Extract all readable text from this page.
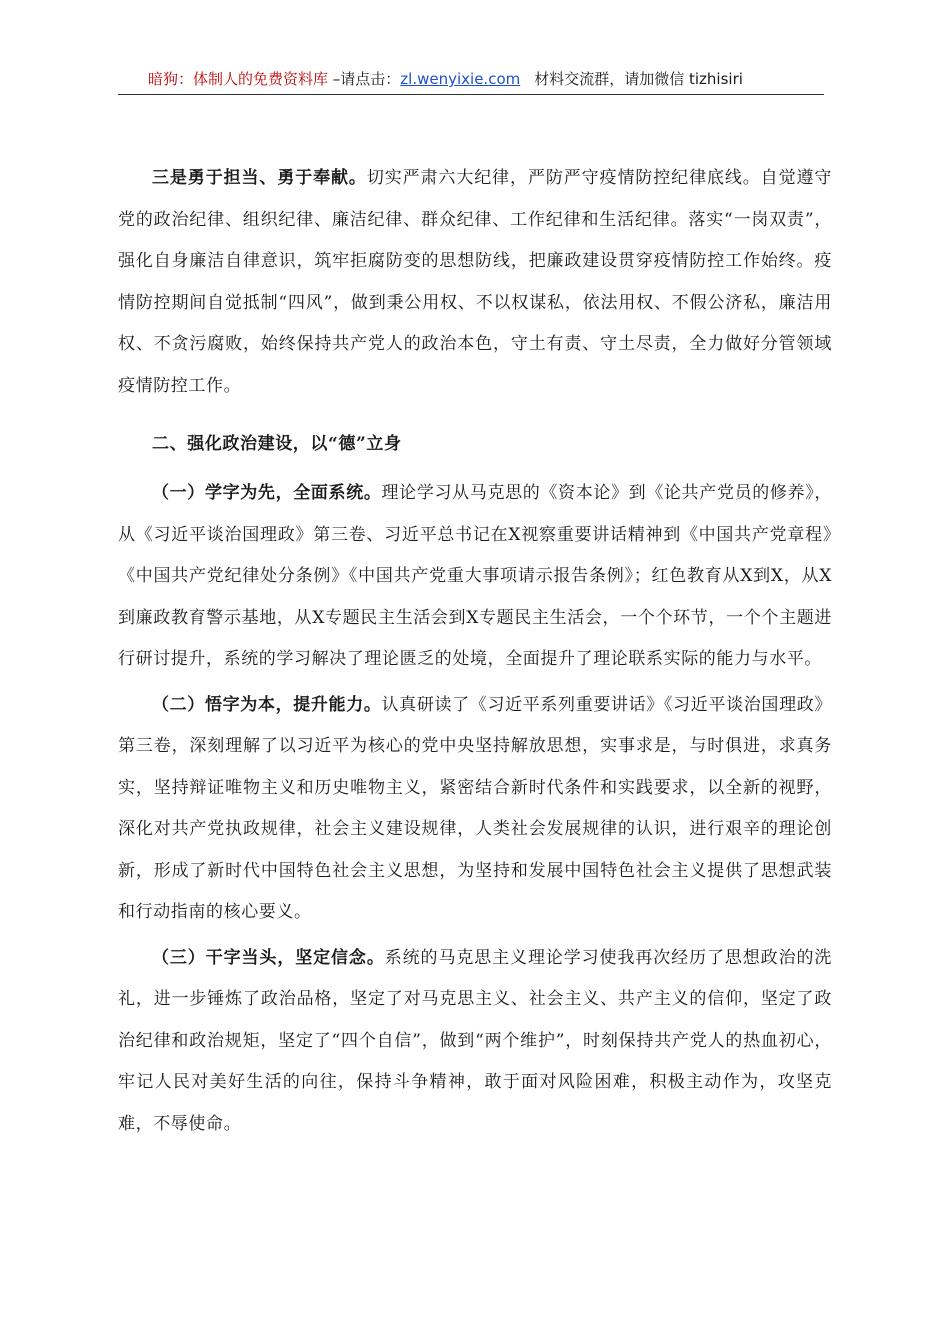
暗狗：体制人的免费资料库 –请点击：zl.wenyixie.com 材料交流群，请加微信 tizhisiri

三是勇于担当、勇于奉献。切实严肃六大纪律，严防严守疫情防控纪律底线。自觉遵守党的政治纪律、组织纪律、廉洁纪律、群众纪律、工作纪律和生活纪律。落实“一岗双责”，强化自身廉洁自律意识，筑牢拒腐防变的思想防线，把廉政建设贯穿疫情防控工作始终。疫情防控期间自觉抵制“四风”，做到秉公用权、不以权谋私，依法用权、不假公济私，廉洁用权、不贪污腐败，始终保持共产党人的政治本色，守土有责、守土尽责，全力做好分管领域疫情防控工作。

二、强化政治建设，以“德”立身

（一）学字为先，全面系统。理论学习从马克思的《资本论》到《论共产党员的修养》，从《习近平谈治国理政》第三卷、习近平总书记在X视察重要讲话精神到《中国共产党章程》《中国共产党纪律处分条例》《中国共产党重大事项请示报告条例》；红色教育从X到X，从X到廉政教育警示基地，从X专题民主生活会到X专题民主生活会，一个个环节，一个个主题进行研讨提升，系统的学习解决了理论匮乏的处境，全面提升了理论联系实际的能力与水平。

（二）悟字为本，提升能力。认真研读了《习近平系列重要讲话》《习近平谈治国理政》第三卷，深刻理解了以习近平为核心的党中央坚持解放思想，实事求是，与时俱进，求真务实，坚持辩证唯物主义和历史唯物主义，紧密结合新时代条件和实践要求，以全新的视野，深化对共产党执政规律，社会主义建设规律，人类社会发展规律的认识，进行艰辛的理论创新，形成了新时代中国特色社会主义思想，为坚持和发展中国特色社会主义提供了思想武装和行动指南的核心要义。

（三）干字当头，坚定信念。系统的马克思主义理论学习使我再次经历了思想政治的洗礼，进一步锤炼了政治品格，坚定了对马克思主义、社会主义、共产主义的信仰，坚定了政治纪律和政治规矩，坚定了“四个自信”，做到“两个维护”，时刻保持共产党人的热血初心，牢记人民对美好生活的向往，保持斗争精神，敢于面对风险困难，积极主动作为，攻坚克难，不辱使命。
